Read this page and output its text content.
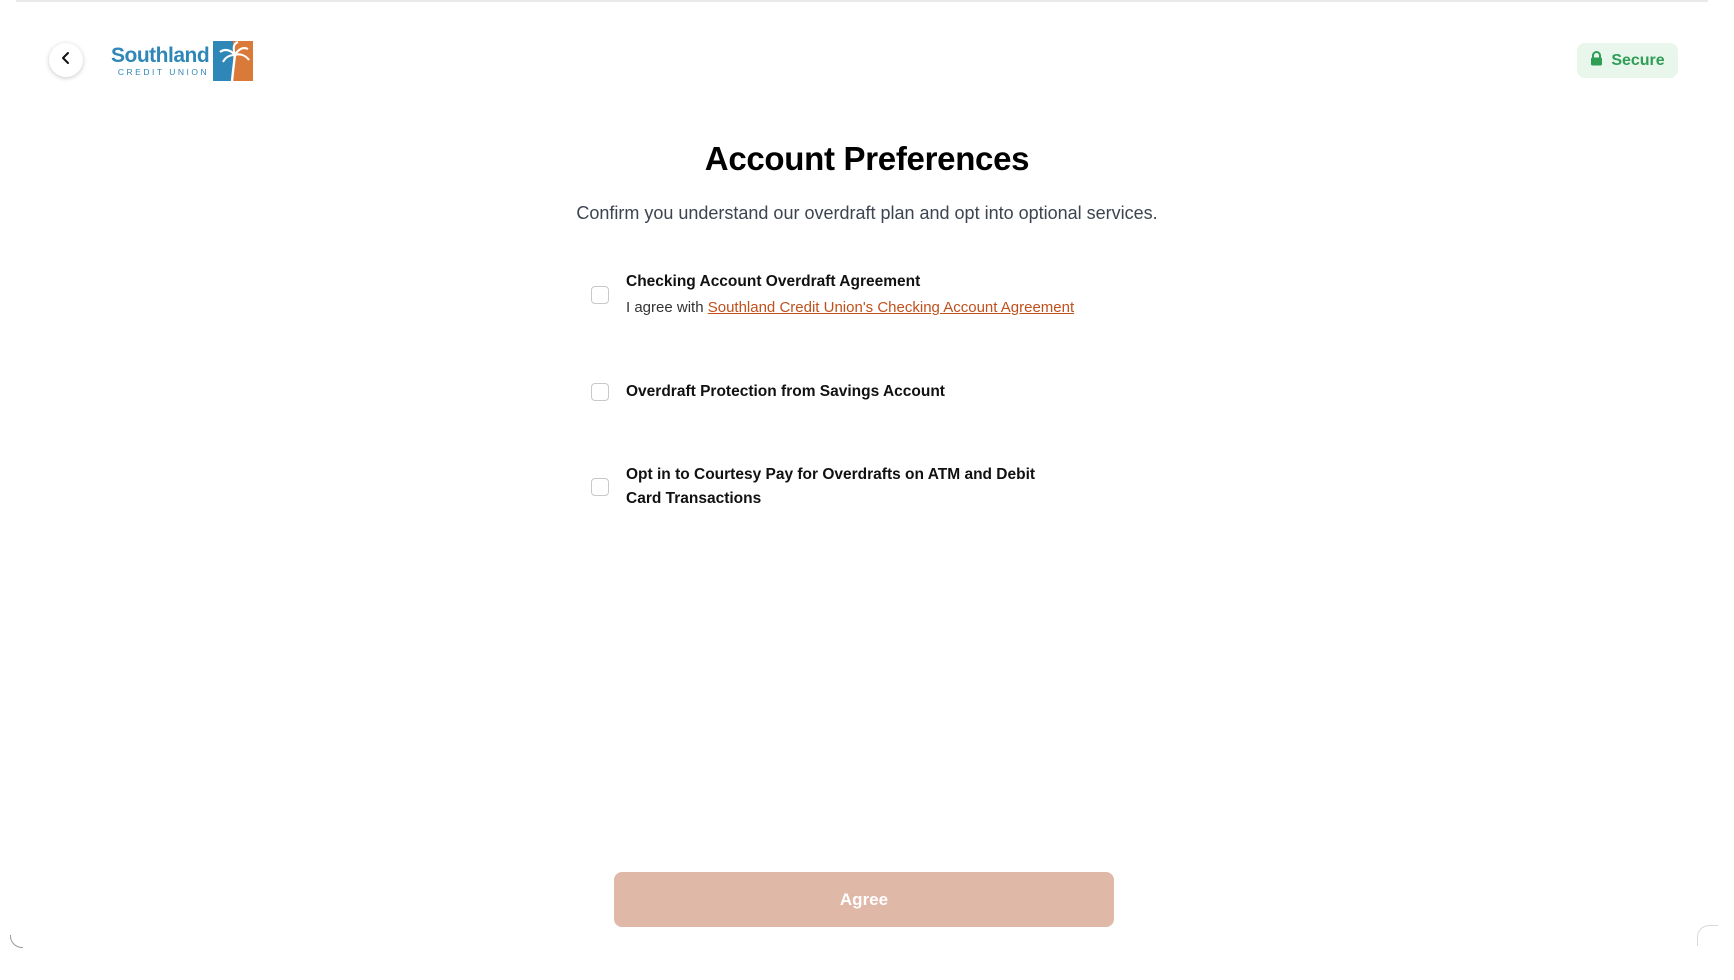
Southland
CREDIT UNION
Secure
Account Preferences

Confirm you understand our overdraft plan and opt into optional services.

Checking Account Overdraft Agreement
I agree with Southland Credit Union's Checking Account Agreement
Overdraft Protection from Savings Account
Opt in to Courtesy Pay for Overdrafts on ATM and Debit Card Transactions
Agree
